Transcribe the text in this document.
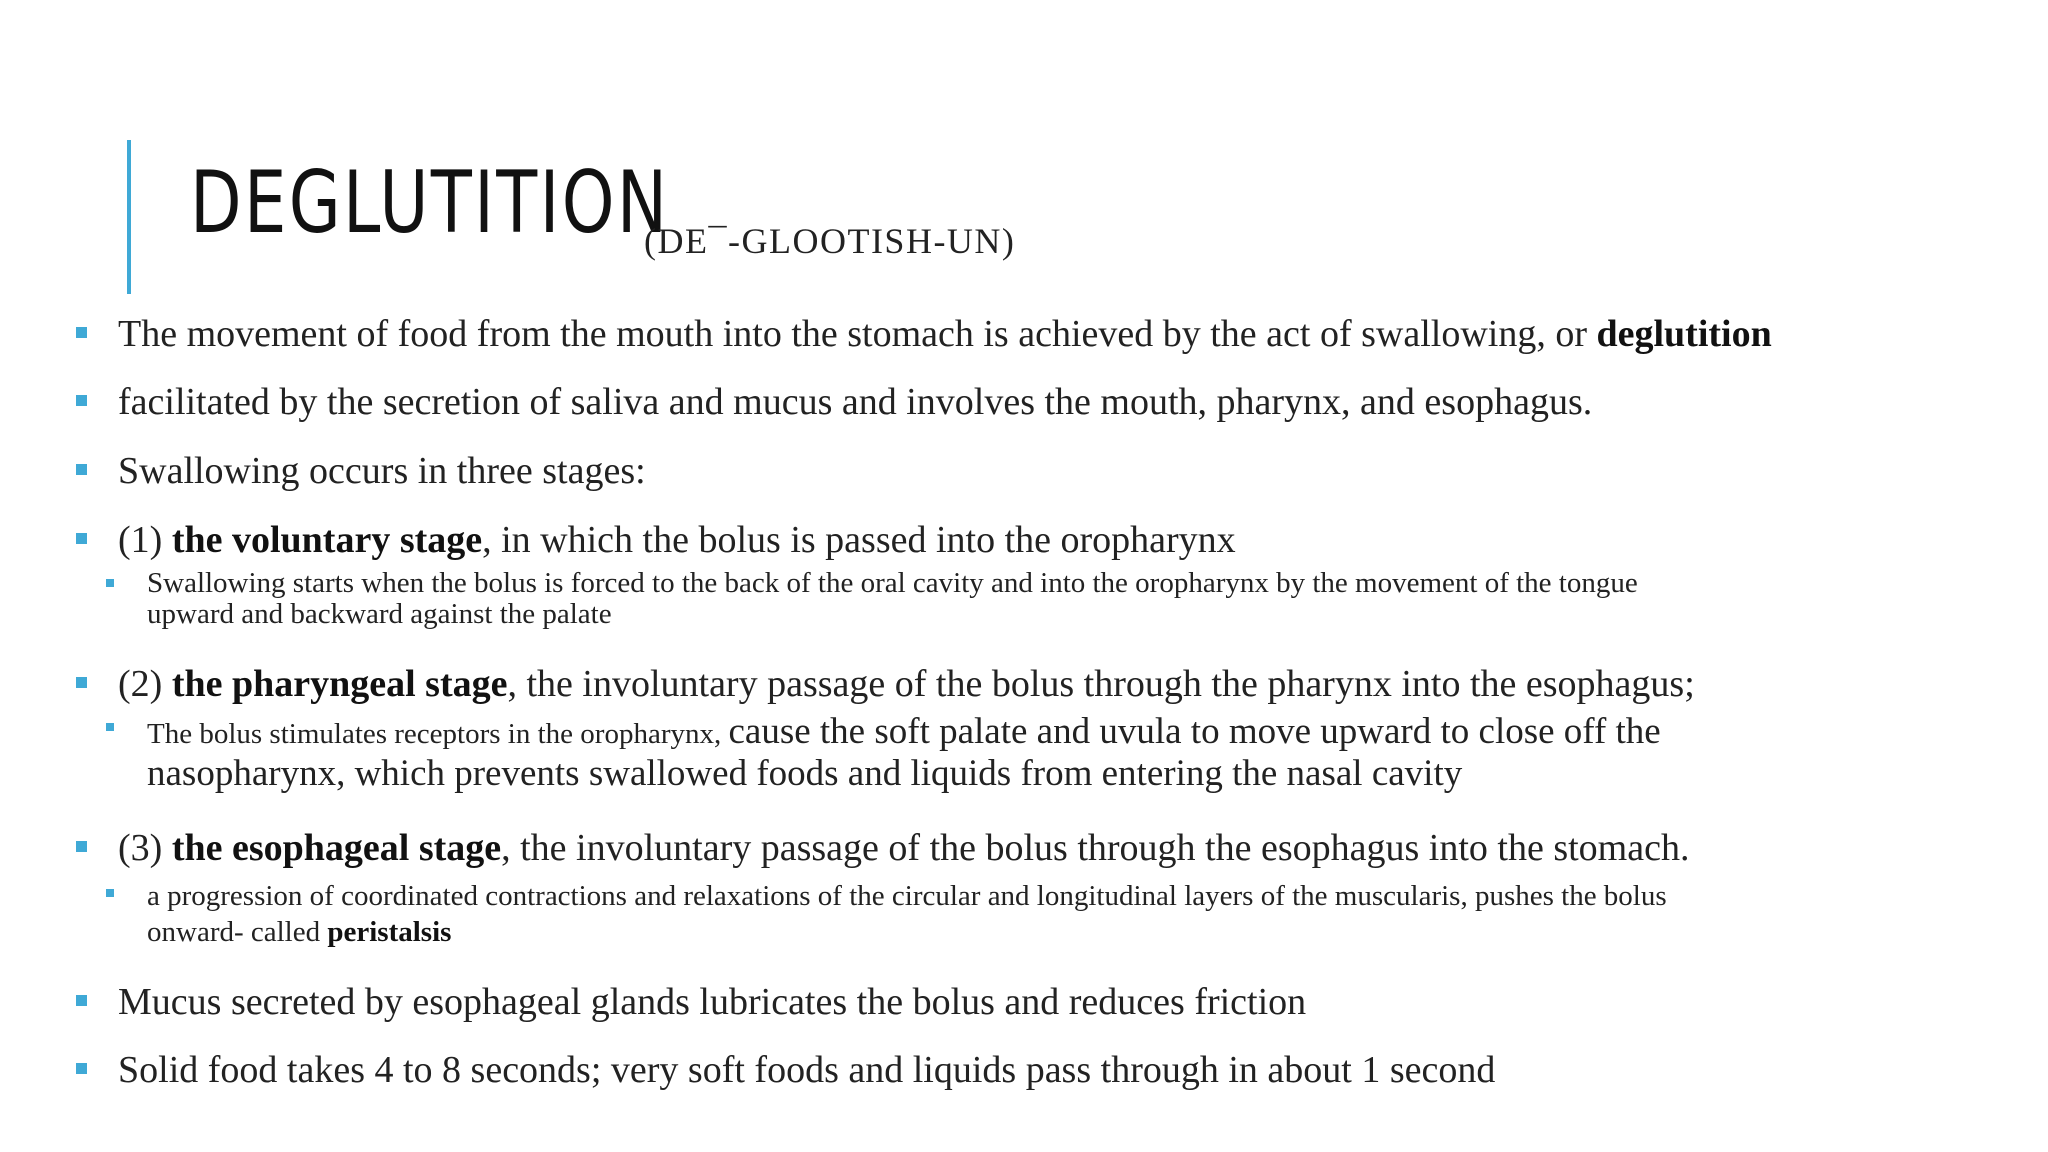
DEGLUTITION
(DE¯-GLOOTISH-UN)
The movement of food from the mouth into the stomach is achieved by the act of swallowing, or deglutition
facilitated by the secretion of saliva and mucus and involves the mouth, pharynx, and esophagus.
Swallowing occurs in three stages:
(1) the voluntary stage, in which the bolus is passed into the oropharynx
Swallowing starts when the bolus is forced to the back of the oral cavity and into the oropharynx by the movement of the tongue
upward and backward against the palate
(2) the pharyngeal stage, the involuntary passage of the bolus through the pharynx into the esophagus;
The bolus stimulates receptors in the oropharynx, cause the soft palate and uvula to move upward to close off the
nasopharynx, which prevents swallowed foods and liquids from entering the nasal cavity
(3) the esophageal stage, the involuntary passage of the bolus through the esophagus into the stomach.
a progression of coordinated contractions and relaxations of the circular and longitudinal layers of the muscularis, pushes the bolus
onward- called peristalsis
Mucus secreted by esophageal glands lubricates the bolus and reduces friction
Solid food takes 4 to 8 seconds; very soft foods and liquids pass through in about 1 second
